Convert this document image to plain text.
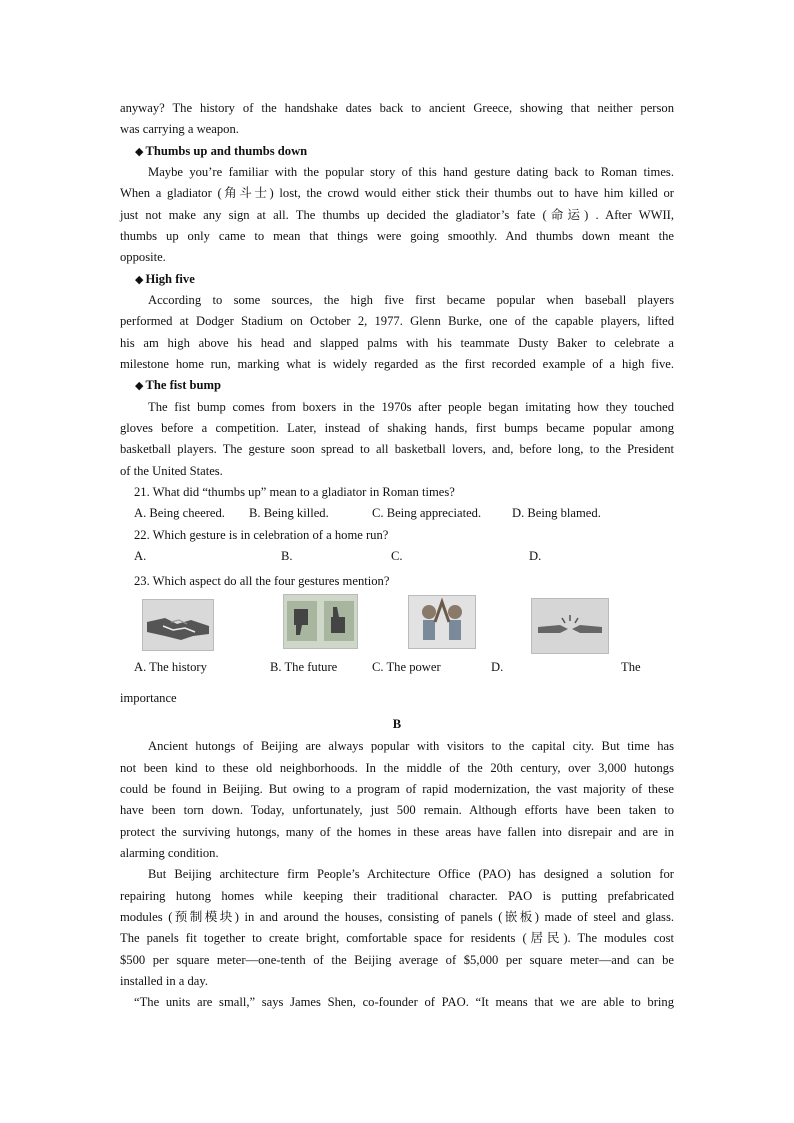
anyway? The history of the handshake dates back to ancient Greece, showing that neither person
was carrying a weapon.
◆ Thumbs up and thumbs down
Maybe you’re familiar with the popular story of this hand gesture dating back to Roman times.
When a gladiator (角斗士) lost, the crowd would either stick their thumbs out to have him killed or
just not make any sign at all. The thumbs up decided the gladiator’s fate (命运) . After WWII,
thumbs up only came to mean that things were going smoothly. And thumbs down meant the
opposite.
◆ High five
According to some sources, the high five first became popular when baseball players
performed at Dodger Stadium on October 2, 1977. Glenn Burke, one of the capable players, lifted
his am high above his head and slapped palms with his teammate Dusty Baker to celebrate a
milestone home run, marking what is widely regarded as the first recorded example of a high five.
◆ The fist bump
The fist bump comes from boxers in the 1970s after people began imitating how they touched
gloves before a competition. Later, instead of shaking hands, first bumps became popular among
basketball players. The gesture soon spread to all basketball lovers, and, before long, to the President
of the United States.
21. What did “thumbs up” mean to a gladiator in Roman times?
A. Being cheered. B. Being killed.	C. Being appreciated. D. Being blamed.
22. Which gesture is in celebration of a home run?
A.	B.	C.	D.
23. Which aspect do all the four gestures mention?
A. The history	B. The future	C. The power	D.	The
importance
B
Ancient hutongs of Beijing are always popular with visitors to the capital city. But time has
not been kind to these old neighborhoods. In the middle of the 20th century, over 3,000 hutongs
could be found in Beijing. But owing to a program of rapid modernization, the vast majority of these
have been torn down. Today, unfortunately, just 500 remain. Although efforts have been taken to
protect the surviving hutongs, many of the homes in these areas have fallen into disrepair and are in
alarming condition.
But Beijing architecture firm People’s Architecture Office (PAO) has designed a solution for
repairing hutong homes while keeping their traditional character. PAO is putting prefabricated
modules (预制模块) in and around the houses, consisting of panels (嵌板) made of steel and glass.
The panels fit together to create bright, comfortable space for residents (居民). The modules cost
$500 per square meter—one-tenth of the Beijing average of $5,000 per square meter—and can be
installed in a day.
“The units are small,” says James Shen, co-founder of PAO. “It means that we are able to bring
